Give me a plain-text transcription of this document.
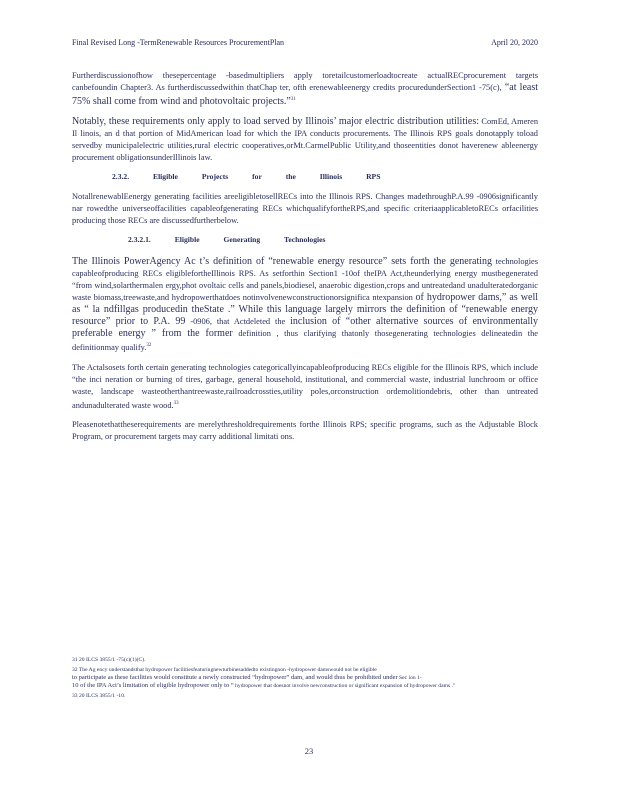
Final Revised Long -TermRenewable Resources ProcurementPlan	April 20, 2020

Furtherdiscussionofhow thesepercentage -basedmultipliers apply toretailcustomerloadtocreate actualRECprocurement targets canbefoundin Chapter3. As furtherdiscussedwithin thatChap ter, ofth erenewableenergy credits procuredunderSection1 -75(c), “at least 75% shall come from wind and photovoltaic projects.”$^{31}$

Notably, these requirements only apply to load served by Illinois’ major electric distribution utilities: ComEd, Ameren Il linois, an d that portion of MidAmerican load for which the IPA conducts procurements. The Illinois RPS goals donotapply toload servedby municipalelectric utilities,rural electric cooperatives,orMt.CarmelPublic Utility,and thoseentities donot haverenew ableenergy procurement obligationsunderIllinois law.

2.3.2.	Eligible	Projects	for	the	Illinois	RPS

NotallrenewablEenergy generating facilities areeligibletosellRECs into the Illinois RPS. Changes madethroughP.A.99 -0906significantly nar rowedthe universeoffacilities capableofgenerating RECs whichqualifyfortheRPS,and specific criteriaapplicabletoRECs orfacilities producing those RECs are discussedfurtherbelow.

2.3.2.1.	Eligible	Generating	Technologies

The Illinois PowerAgency Ac t’s definition of “renewable energy resource” sets forth the generating technologies capableofproducing RECs eligiblefortheIllinois RPS. As setforthin Section1 -10of theIPA Act,theunderlying energy mustbegenerated “from wind,solarthermalen ergy,phot ovoltaic cells and panels,biodiesel, anaerobic digestion,crops and untreatedand unadulteratedorganic waste biomass,treewaste,and hydropowerthatdoes notinvolvenewconstructionorsignifica ntexpansion of hydropower dams,” as well as “ la ndfillgas producedin theState .” While this language largely mirrors the definition of “renewable energy resource” prior to P.A. 99 -0906, that Actdeleted the inclusion of “other alternative sources of environmentally preferable energy ” from the former definition , thus clarifying thatonly thosegenerating technologies delineatedin the definitionmay qualify.$^{32}$

The Actalsosets forth certain generating technologies categoricallyincapableofproducing RECs eligible for the Illinois RPS, which include “the inci neration or burning of tires, garbage, general household, institutional, and commercial waste, industrial lunchroom or office waste, landscape wasteotherthantreewaste,railroadcrossties,utility poles,orconstruction ordemolitiondebris, other than untreated andunadulterated waste wood.$^{33}$

Pleasenotethattheserequirements are merelythresholdrequirements forthe Illinois RPS; specific programs, such as the Adjustable Block Program, or procurement targets may carry additional limitati ons.

31 20 ILCS 3855/1 -75(c)(1)(C).
32 The Ag ency understandsthat hydropower facilitiesfeaturingnewturbinesaddedto existingnon -hydropower damswould not be eligible
to participate as these facilities would constitute a newly constructed “hydropower” dam, and would thus be prohibited under Sec ion 1-
10 of the IPA Act’s limitation of eligible hydropower only to “ hydropower that doesnot involve newconstruction or significant expansion of hydropower dams .”
33 20 ILCS 3855/1 -10.
23
